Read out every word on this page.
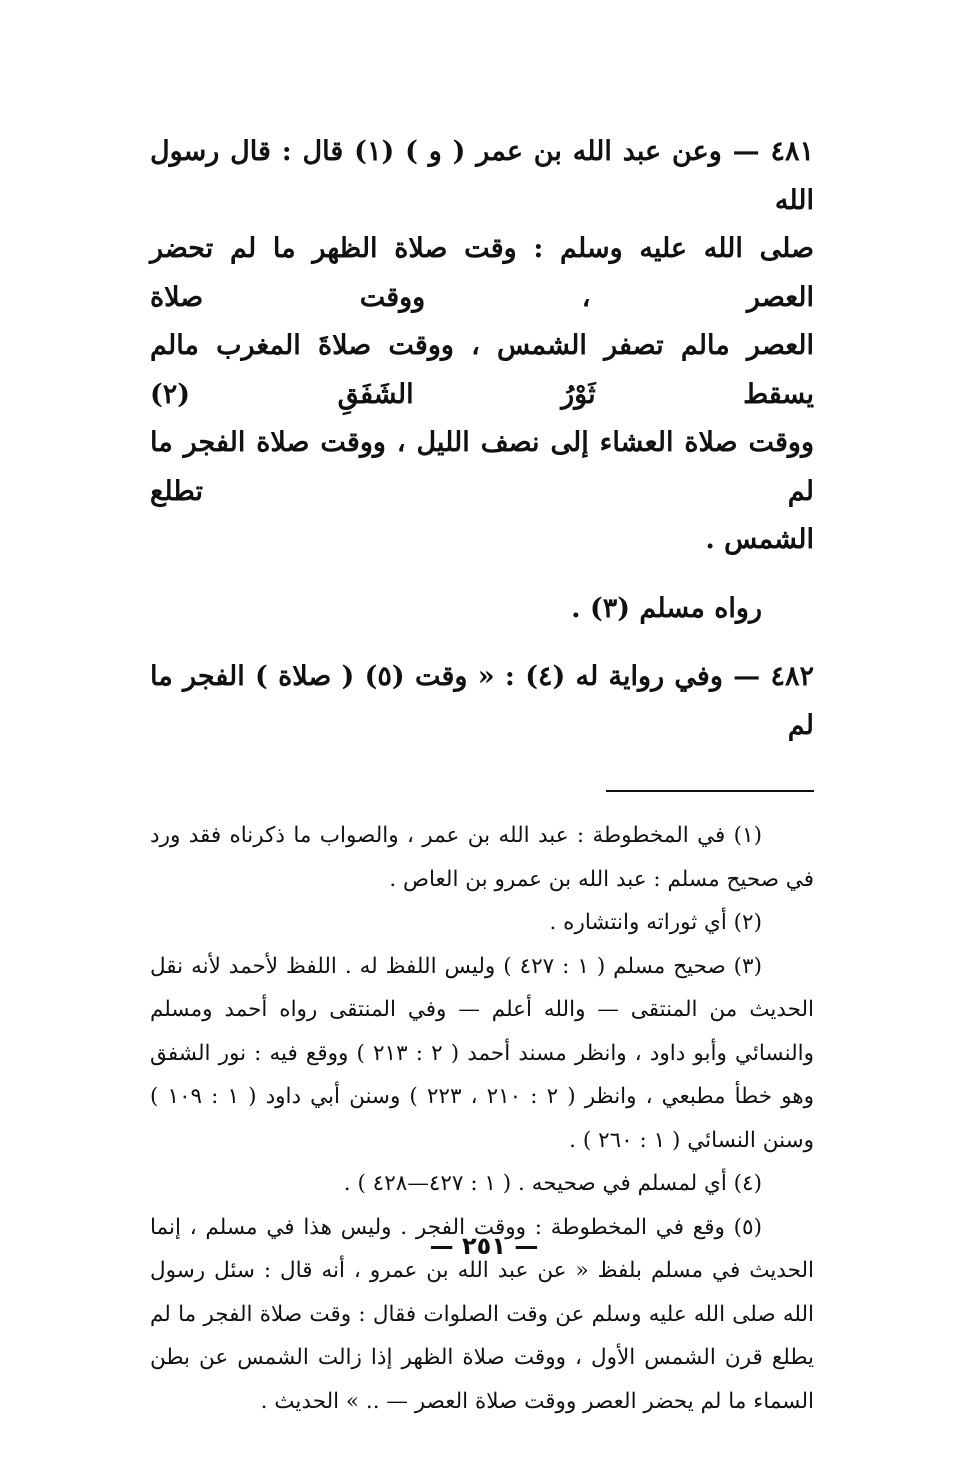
٤٨١ — وعن عبد الله بن عمر ( و ) (١) قال : قال رسول الله

صلى الله عليه وسلم : وقت صلاة الظهر ما لم تحضر العصر ، ووقت صلاة

العصر مالم تصفر الشمس ، ووقت صلاةَ المغرب مالم يسقط ثَوْرُ الشَفَقِ (٢)

ووقت صلاة العشاء إلى نصف الليل ، ووقت صلاة الفجر ما لم تطلع

الشمس .

رواه مسلم (٣) .

٤٨٢ — وفي رواية له (٤) : « وقت (٥) ( صلاة ) الفجر ما لم

(١) في المخطوطة : عبد الله بن عمر ، والصواب ما ذكرناه فقد ورد في صحيح مسلم : عبد الله بن عمرو بن العاص .

(٢) أي ثوراته وانتشاره .

(٣) صحيح مسلم ( ١ : ٤٢٧ ) وليس اللفظ له . اللفظ لأحمد لأنه نقل الحديث من المنتقى — والله أعلم — وفي المنتقى رواه أحمد ومسلم والنسائي وأبو داود ، وانظر مسند أحمد ( ٢ : ٢١٣ ) ووقع فيه : نور الشفق وهو خطأ مطبعي ، وانظر ( ٢ : ٢١٠ ، ٢٢٣ ) وسنن أبي داود ( ١ : ١٠٩ ) وسنن النسائي ( ١ : ٢٦٠ ) .

(٤) أي لمسلم في صحيحه . ( ١ : ٤٢٧—٤٢٨ ) .

(٥) وقع في المخطوطة : ووقت الفجر . وليس هذا في مسلم ، إنما الحديث في مسلم بلفظ « عن عبد الله بن عمرو ، أنه قال : سئل رسول الله صلى الله عليه وسلم عن وقت الصلوات فقال : وقت صلاة الفجر ما لم يطلع قرن الشمس الأول ، ووقت صلاة الظهر إذا زالت الشمس عن بطن السماء ما لم يحضر العصر ووقت صلاة العصر — .. » الحديث .

— ٢٥١ —
